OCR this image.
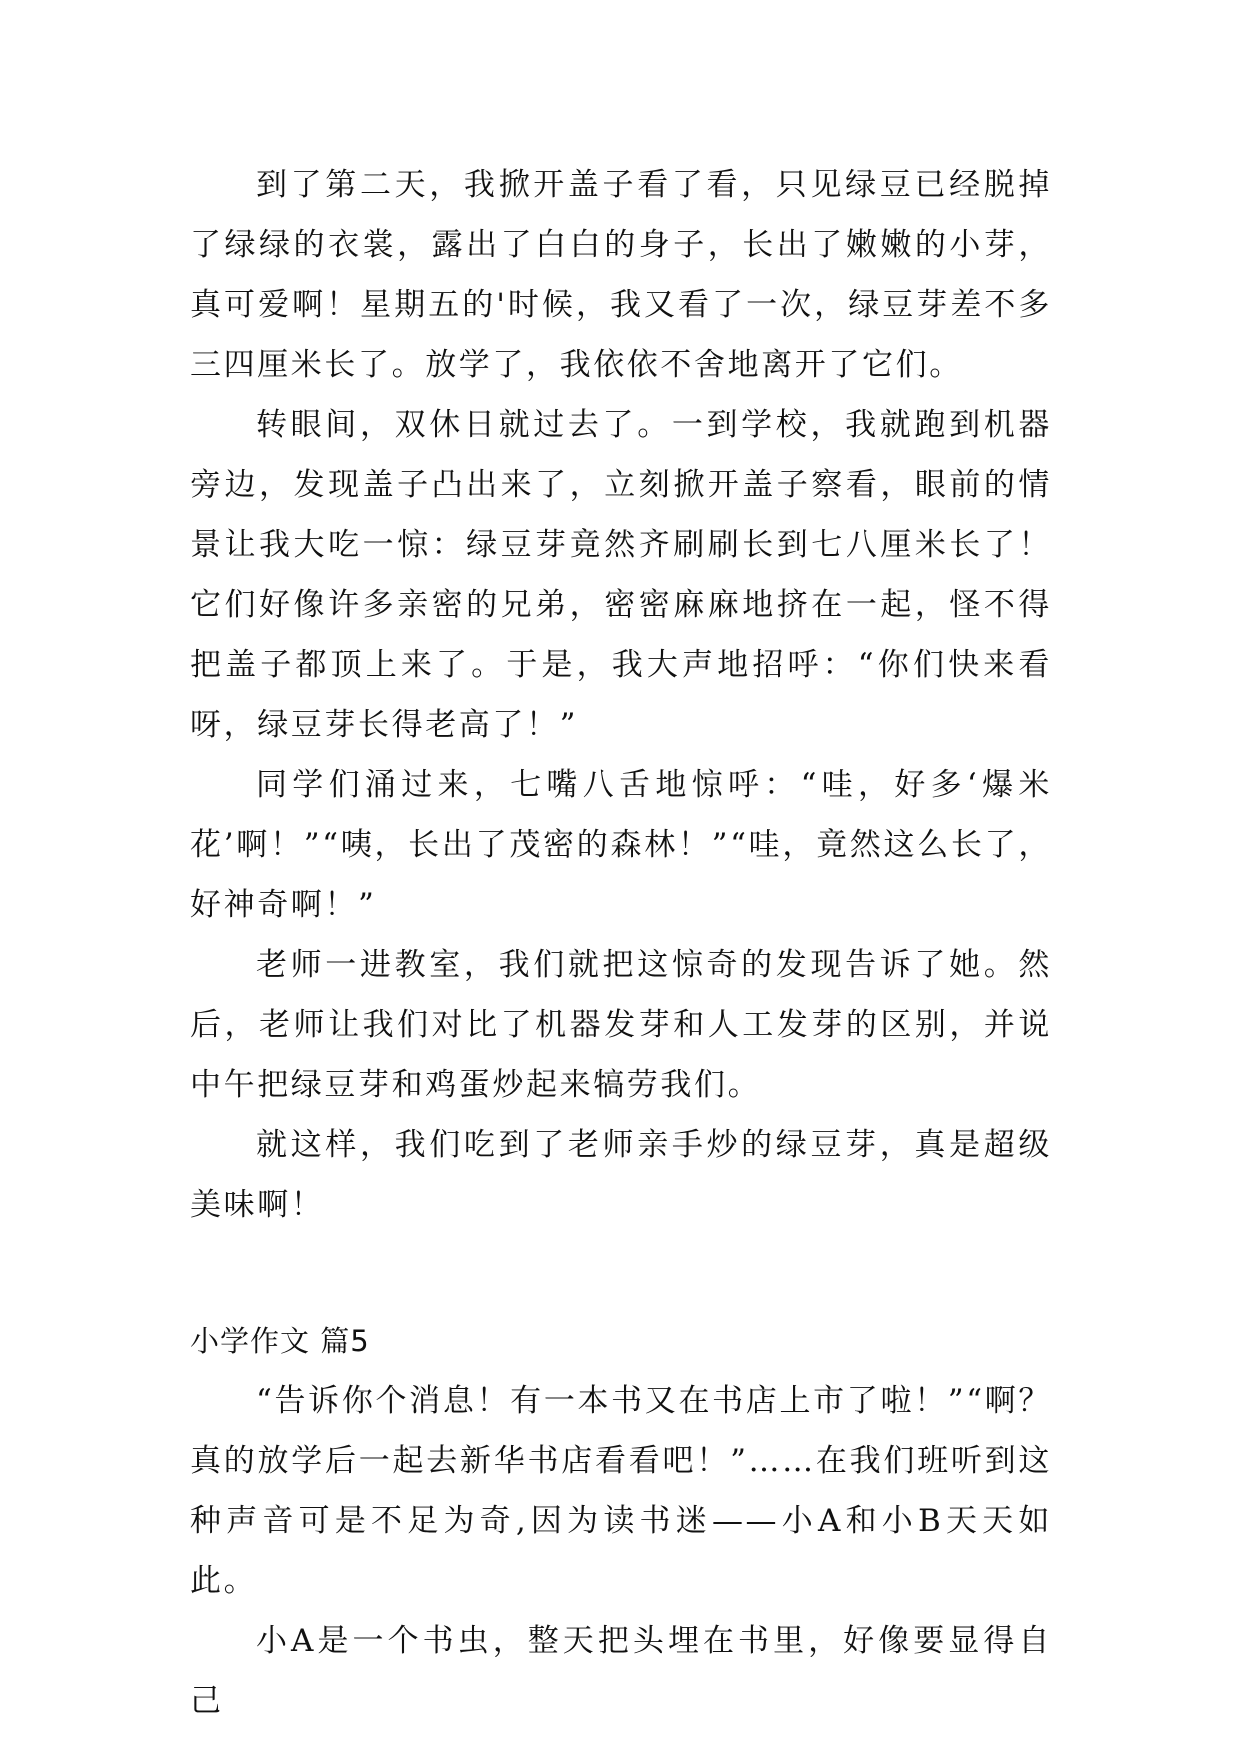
到了第二天，我掀开盖子看了看，只见绿豆已经脱掉了绿绿的衣裳，露出了白白的身子，长出了嫩嫩的小芽，真可爱啊！星期五的'时候，我又看了一次，绿豆芽差不多三四厘米长了。放学了，我依依不舍地离开了它们。

转眼间，双休日就过去了。一到学校，我就跑到机器旁边，发现盖子凸出来了，立刻掀开盖子察看，眼前的情景让我大吃一惊：绿豆芽竟然齐刷刷长到七八厘米长了！它们好像许多亲密的兄弟，密密麻麻地挤在一起，怪不得把盖子都顶上来了。于是，我大声地招呼：“你们快来看呀，绿豆芽长得老高了！”

同学们涌过来，七嘴八舌地惊呼：“哇，好多‘爆米花’啊！”“咦，长出了茂密的森林！”“哇，竟然这么长了，好神奇啊！”

老师一进教室，我们就把这惊奇的发现告诉了她。然后，老师让我们对比了机器发芽和人工发芽的区别，并说中午把绿豆芽和鸡蛋炒起来犒劳我们。

就这样，我们吃到了老师亲手炒的绿豆芽，真是超级美味啊！

小学作文 篇5

“告诉你个消息！有一本书又在书店上市了啦！”“啊？真的放学后一起去新华书店看看吧！”……在我们班听到这种声音可是不足为奇,因为读书迷——小A和小B天天如此。

小A是一个书虫，整天把头埋在书里，好像要显得自己
